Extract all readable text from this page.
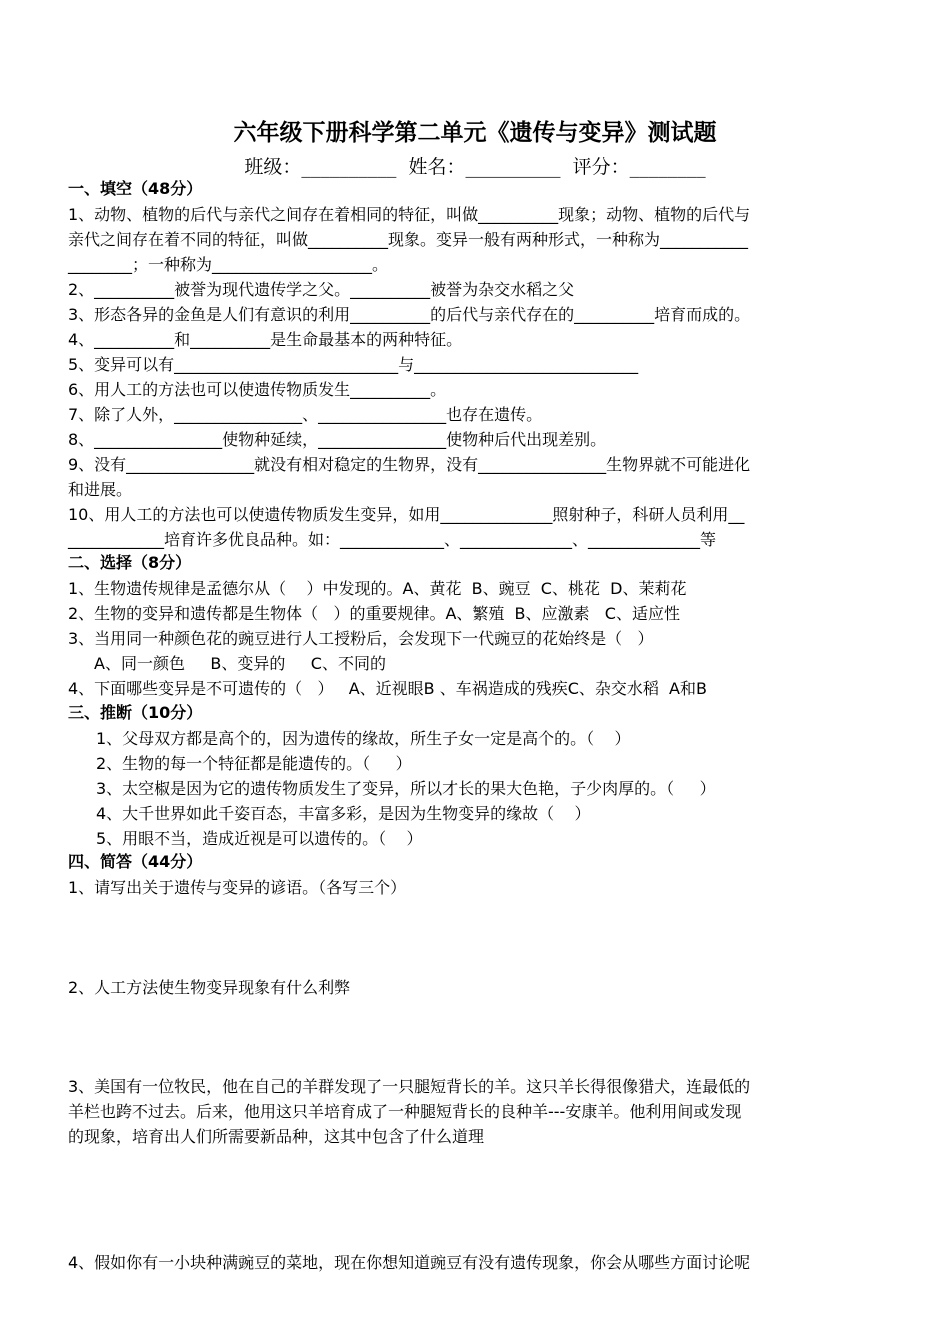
六年级下册科学第二单元《遗传与变异》测试题
班级：__________  姓名：__________  评分：________
一、填空（48分）
1、动物、植物的后代与亲代之间存在着相同的特征，叫做__________现象；动物、植物的后代与
亲代之间存在着不同的特征，叫做__________现象。变异一般有两种形式，一种称为___________
________；一种称为____________________。
2、__________被誉为现代遗传学之父。__________被誉为杂交水稻之父
3、形态各异的金鱼是人们有意识的利用__________的后代与亲代存在的__________培育而成的。
4、__________和__________是生命最基本的两种特征。
5、变异可以有____________________________与____________________________
6、用人工的方法也可以使遗传物质发生__________。
7、除了人外，________________、________________也存在遗传。
8、________________使物种延续，________________使物种后代出现差别。
9、没有________________就没有相对稳定的生物界，没有________________生物界就不可能进化
和进展。
10、用人工的方法也可以使遗传物质发生变异，如用______________照射种子，科研人员利用__
____________培育许多优良品种。如：_____________、______________、______________等
二、选择（8分）
1、生物遗传规律是孟德尔从（    ）中发现的。A、黄花  B、豌豆  C、桃花  D、茉莉花
2、生物的变异和遗传都是生物体（   ）的重要规律。A、繁殖  B、应激素   C、适应性
3、当用同一种颜色花的豌豆进行人工授粉后，会发现下一代豌豆的花始终是（   ）
A、同一颜色     B、变异的     C、不同的
4、下面哪些变异是不可遗传的（   ）   A、近视眼B 、车祸造成的残疾C、杂交水稻  A和B
三、推断（10分）
1、父母双方都是高个的，因为遗传的缘故，所生子女一定是高个的。（    ）
2、生物的每一个特征都是能遗传的。（     ）
3、太空椒是因为它的遗传物质发生了变异，所以才长的果大色艳，子少肉厚的。（     ）
4、大千世界如此千姿百态，丰富多彩，是因为生物变异的缘故（    ）
5、用眼不当，造成近视是可以遗传的。（    ）
四、简答（44分）
1、请写出关于遗传与变异的谚语。（各写三个）
2、人工方法使生物变异现象有什么利弊
3、美国有一位牧民，他在自己的羊群发现了一只腿短背长的羊。这只羊长得很像猎犬，连最低的
羊栏也跨不过去。后来，他用这只羊培育成了一种腿短背长的良种羊---安康羊。他利用间或发现
的现象，培育出人们所需要新品种，这其中包含了什么道理
4、假如你有一小块种满豌豆的菜地，现在你想知道豌豆有没有遗传现象，你会从哪些方面讨论呢
